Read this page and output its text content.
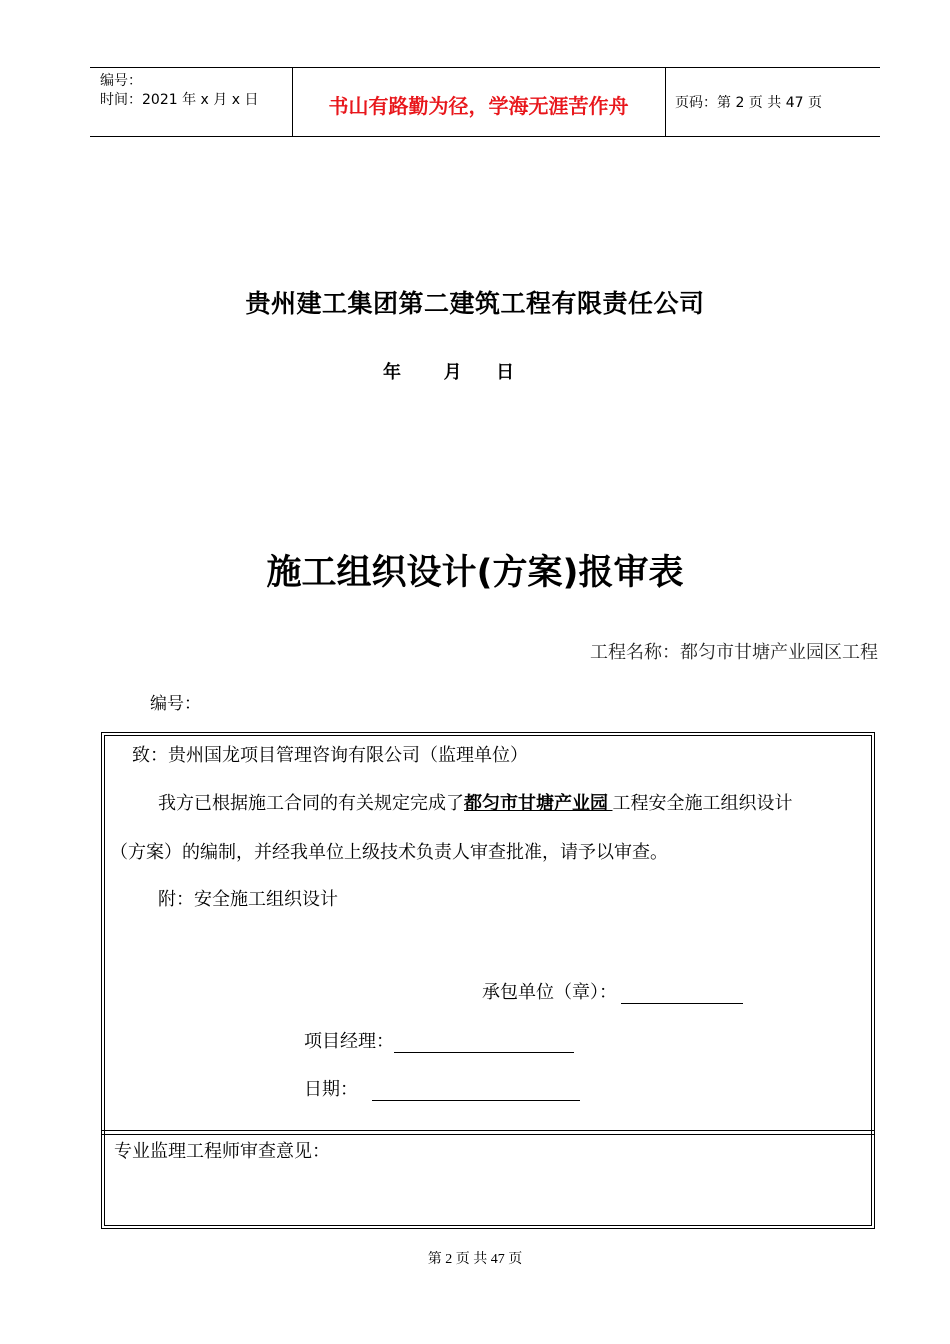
编号：
时间：2021 年 x 月 x 日	书山有路勤为径，学海无涯苦作舟	页码：第 2 页 共 47 页
贵州建工集团第二建筑工程有限责任公司
年 月 日
施工组织设计(方案)报审表
工程名称：都匀市甘塘产业园区工程
编号：
致：贵州国龙项目管理咨询有限公司（监理单位）
我方已根据施工合同的有关规定完成了都匀市甘塘产业园 工程安全施工组织设计
（方案）的编制，并经我单位上级技术负责人审查批准，请予以审查。
附：安全施工组织设计
承包单位（章）：
项目经理：
日期：
专业监理工程师审查意见：
第 2 页 共 47 页
